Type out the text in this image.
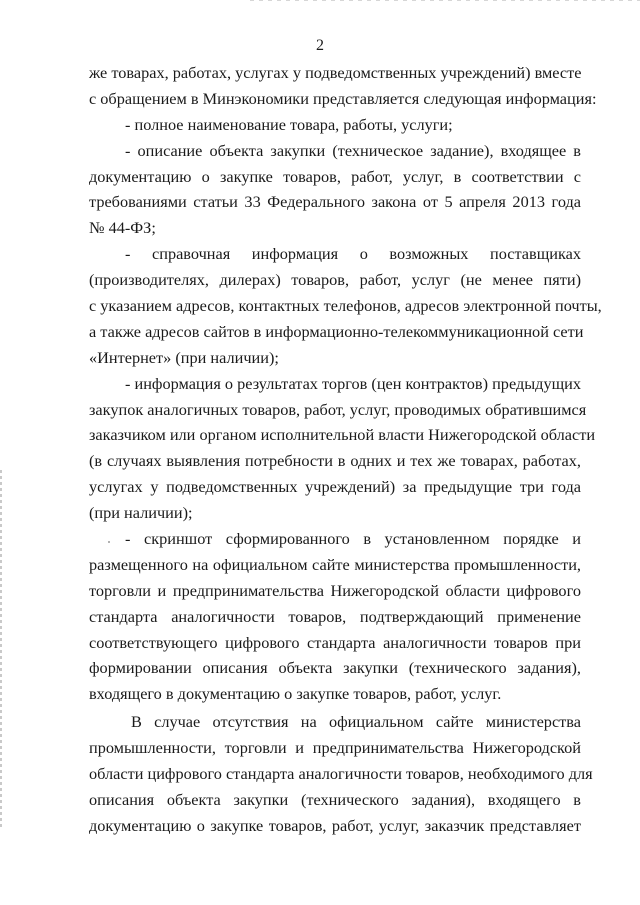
2
же товарах, работах, услугах у подведомственных учреждений) вместе
с обращением в Минэкономики представляется следующая информация:
- полное наименование товара, работы, услуги;
- описание объекта закупки (техническое задание), входящее в
документацию о закупке товаров, работ, услуг, в соответствии с
требованиями статьи 33 Федерального закона от 5 апреля 2013 года
№ 44-ФЗ;
- справочная информация о возможных поставщиках
(производителях, дилерах) товаров, работ, услуг (не менее пяти)
с указанием адресов, контактных телефонов, адресов электронной почты,
а также адресов сайтов в информационно-телекоммуникационной сети
«Интернет» (при наличии);
- информация о результатах торгов (цен контрактов) предыдущих
закупок аналогичных товаров, работ, услуг, проводимых обратившимся
заказчиком или органом исполнительной власти Нижегородской области
(в случаях выявления потребности в одних и тех же товарах, работах,
услугах у подведомственных учреждений) за предыдущие три года
(при наличии);
- скриншот сформированного в установленном порядке и
размещенного на официальном сайте министерства промышленности,
торговли и предпринимательства Нижегородской области цифрового
стандарта аналогичности товаров, подтверждающий применение
соответствующего цифрового стандарта аналогичности товаров при
формировании описания объекта закупки (технического задания),
входящего в документацию о закупке товаров, работ, услуг.
В случае отсутствия на официальном сайте министерства
промышленности, торговли и предпринимательства Нижегородской
области цифрового стандарта аналогичности товаров, необходимого для
описания объекта закупки (технического задания), входящего в
документацию о закупке товаров, работ, услуг, заказчик представляет
